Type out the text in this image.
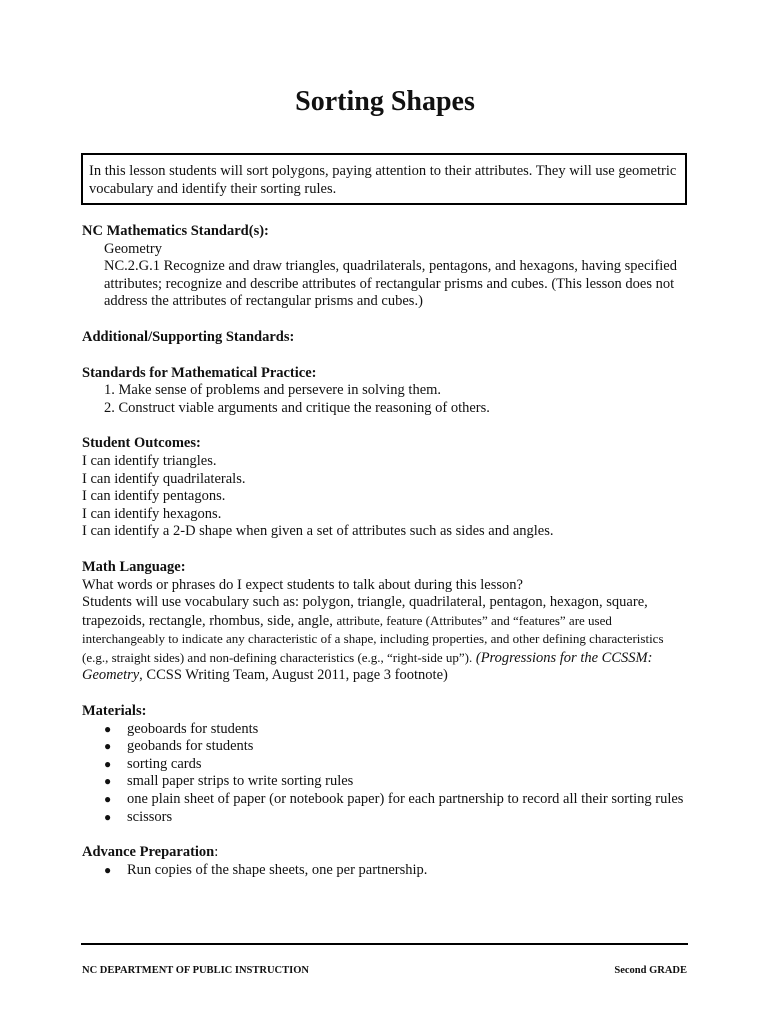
Sorting Shapes
In this lesson students will sort polygons, paying attention to their attributes. They will use geometric vocabulary and identify their sorting rules.
NC Mathematics Standard(s):
Geometry
NC.2.G.1 Recognize and draw triangles, quadrilaterals, pentagons, and hexagons, having specified attributes; recognize and describe attributes of rectangular prisms and cubes. (This lesson does not address the attributes of rectangular prisms and cubes.)
Additional/Supporting Standards:
Standards for Mathematical Practice:
1. Make sense of problems and persevere in solving them.
2. Construct viable arguments and critique the reasoning of others.
Student Outcomes:
I can identify triangles.
I can identify quadrilaterals.
I can identify pentagons.
I can identify hexagons.
I can identify a 2-D shape when given a set of attributes such as sides and angles.
Math Language:
What words or phrases do I expect students to talk about during this lesson?
Students will use vocabulary such as: polygon, triangle, quadrilateral, pentagon, hexagon, square, trapezoids, rectangle, rhombus, side, angle, attribute, feature (Attributes” and “features” are used interchangeably to indicate any characteristic of a shape, including properties, and other defining characteristics (e.g., straight sides) and non-defining characteristics (e.g., “right-side up”). (Progressions for the CCSSM: Geometry, CCSS Writing Team, August 2011, page 3 footnote)
Materials:
● geoboards for students
● geobands for students
● sorting cards
● small paper strips to write sorting rules
● one plain sheet of paper (or notebook paper) for each partnership to record all their sorting rules
● scissors
Advance Preparation:
● Run copies of the shape sheets, one per partnership.
NC DEPARTMENT OF PUBLIC INSTRUCTION	Second GRADE
